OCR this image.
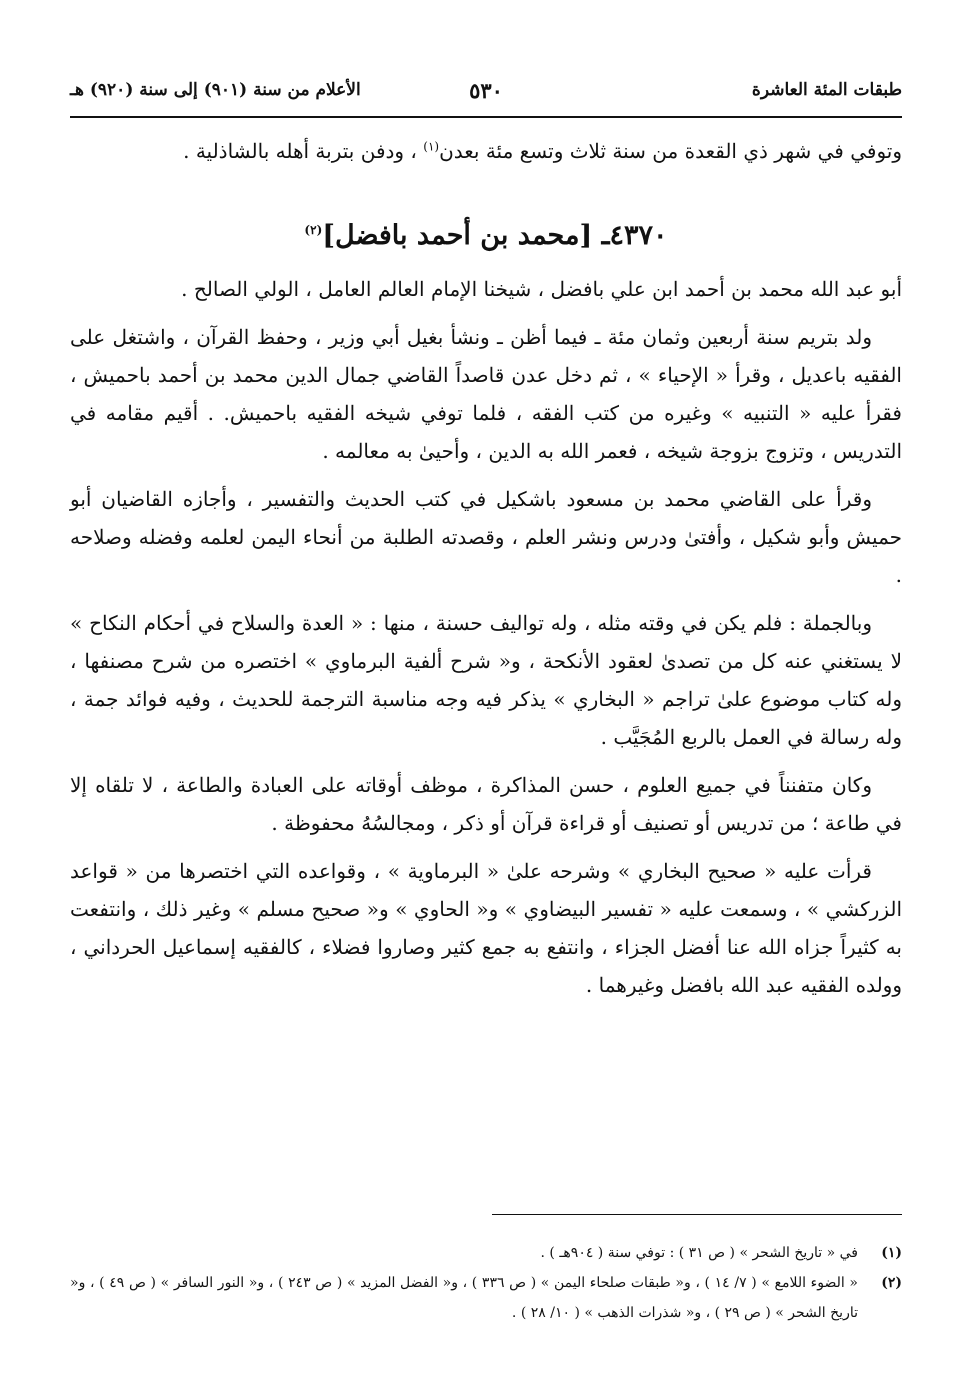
طبقات المئة العاشرة
٥٣٠
الأعلام من سنة (٩٠١) إلى سنة (٩٢٠) هـ

وتوفي في شهر ذي القعدة من سنة ثلاث وتسع مئة بعدن$^{(١)}$ ، ودفن بتربة أهله بالشاذلية .

٤٣٧٠ـ [محمد بن أحمد بافضل]$^{(٢)}$

أبو عبد الله محمد بن أحمد ابن علي بافضل ، شيخنا الإمام العالم العامل ، الولي الصالح .

ولد بتريم سنة أربعين وثمان مئة ـ فيما أظن ـ ونشأ بغيل أبي وزير ، وحفظ القرآن ، واشتغل على الفقيه باعديل ، وقرأ « الإحياء » ، ثم دخل عدن قاصداً القاضي جمال الدين محمد بن أحمد باحميش ، فقرأ عليه « التنبيه » وغيره من كتب الفقه ، فلما توفي شيخه الفقيه باحميش. . أقيم مقامه في التدريس ، وتزوج بزوجة شيخه ، فعمر الله به الدين ، وأحيىٰ به معالمه .

وقرأ على القاضي محمد بن مسعود باشكيل في كتب الحديث والتفسير ، وأجازه القاضيان أبو حميش وأبو شكيل ، وأفتىٰ ودرس ونشر العلم ، وقصدته الطلبة من أنحاء اليمن لعلمه وفضله وصلاحه .

وبالجملة : فلم يكن في وقته مثله ، وله تواليف حسنة ، منها : « العدة والسلاح في أحكام النكاح » لا يستغني عنه كل من تصدىٰ لعقود الأنكحة ، و« شرح ألفية البرماوي » اختصره من شرح مصنفها ، وله كتاب موضوع علىٰ تراجم « البخاري » يذكر فيه وجه مناسبة الترجمة للحديث ، وفيه فوائد جمة ، وله رسالة في العمل بالربع المُجَيَّب .

وكان متفنناً في جميع العلوم ، حسن المذاكرة ، موظف أوقاته على العبادة والطاعة ، لا تلقاه إلا في طاعة ؛ من تدريس أو تصنيف أو قراءة قرآن أو ذكر ، ومجالسُهُ محفوظة .

قرأت عليه « صحيح البخاري » وشرحه علىٰ « البرماوية » ، وقواعده التي اختصرها من « قواعد الزركشي » ، وسمعت عليه « تفسير البيضاوي » و« الحاوي » و« صحيح مسلم » وغير ذلك ، وانتفعت به كثيراً جزاه الله عنا أفضل الجزاء ، وانتفع به جمع كثير وصاروا فضلاء ، كالفقيه إسماعيل الحرداني ، وولده الفقيه عبد الله بافضل وغيرهما .

(١)
في « تاريخ الشحر » ( ص ٣١ ) : توفي سنة ( ٩٠٤هـ ) .
(٢)
« الضوء اللامع » ( ٧/ ١٤ ) ، و« طبقات صلحاء اليمن » ( ص ٣٣٦ ) ، و« الفضل المزيد » ( ص ٢٤٣ ) ، و« النور السافر » ( ص ٤٩ ) ، و« تاريخ الشحر » ( ص ٢٩ ) ، و« شذرات الذهب » ( ١٠/ ٢٨ ) .
